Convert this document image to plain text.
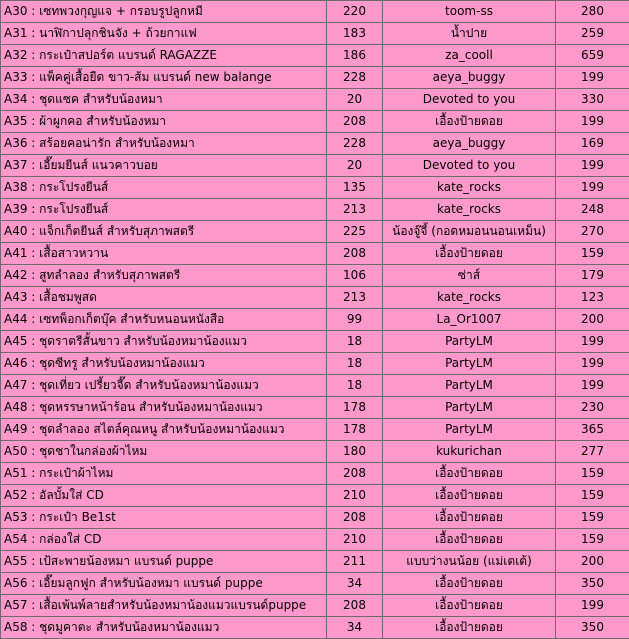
A30 : เซทพวงกุญแจ + กรอบรูปลูกหมี	220	toom-ss	280
A31 : นาฬิกาปลุกชินจัง + ถ้วยกาแฟ	183	น้ำปาย	259
A32 : กระเป๋าสปอร์ต แบรนด์ RAGAZZE	186	za_cooll	659
A33 : แพ็คคู่เสื้อยืด ขาว-ส้ม แบรนด์ new balange	228	aeya_buggy	199
A34 : ชุดแซค สำหรับน้องหมา	20	Devoted to you	330
A35 : ผ้าผูกคอ สำหรับน้องหมา	208	เอื้องป้ายดอย	199
A36 : สร้อยคอน่ารัก สำหรับน้องหมา	228	aeya_buggy	169
A37 : เอี๊ยมยีนส์ แนวคาวบอย	20	Devoted to you	199
A38 : กระโปรงยีนส์	135	kate_rocks	199
A39 : กระโปรงยีนส์	213	kate_rocks	248
A40 : แจ็กเก็ตยีนส์ สำหรับสุภาพสตรี	225	น้องจู๊จี้ (กอดหมอนนอนเหม็น)	270
A41 : เสื้อสาวหวาน	208	เอื้องป้ายดอย	159
A42 : สูทลำลอง สำหรับสุภาพสตรี	106	ซ่าส์	179
A43 : เสื้อชมพูสด	213	kate_rocks	123
A44 : เซทพ็อกเก็ตบุ๊ค สำหรับหนอนหนังสือ	99	La_Or1007	200
A45 : ชุดราตรีสั้นขาว สำหรับน้องหมาน้องแมว	18	PartyLM	199
A46 : ชุดซีทรู สำหรับน้องหมาน้องแมว	18	PartyLM	199
A47 : ชุดเที่ยว เปรี้ยวจี๊ด สำหรับน้องหมาน้องแมว	18	PartyLM	199
A48 : ชุดหรรษาหน้าร้อน สำหรับน้องหมาน้องแมว	178	PartyLM	230
A49 : ชุดลำลอง สไตล์คุณหนู สำหรับน้องหมาน้องแมว	178	PartyLM	365
A50 : ชุดชาในกล่องผ้าไหม	180	kukurichan	277
A51 : กระเป๋าผ้าไหม	208	เอื้องป้ายดอย	159
A52 : อัลบั้มใส่ CD	210	เอื้องป้ายดอย	159
A53 : กระเป๋า Be1st	208	เอื้องป้ายดอย	159
A54 : กล่องใส่ CD	210	เอื้องป้ายดอย	159
A55 : เป้สะพายน้องหมา แบรนด์ puppe	211	แบบว่างนน้อย (แม่เตเต้)	200
A56 : เอี๊ยมลูกฟูก สำหรับน้องหมา แบรนด์ puppe	34	เอื้องป้ายดอย	350
A57 : เสื้อเพ้นพ์ลายสำหรับน้องหมาน้องแมวแบรนด์puppe	208	เอื้องป้ายดอย	199
A58 : ชุดมูคาตะ สำหรับน้องหมาน้องแมว	34	เอื้องป้ายดอย	350
